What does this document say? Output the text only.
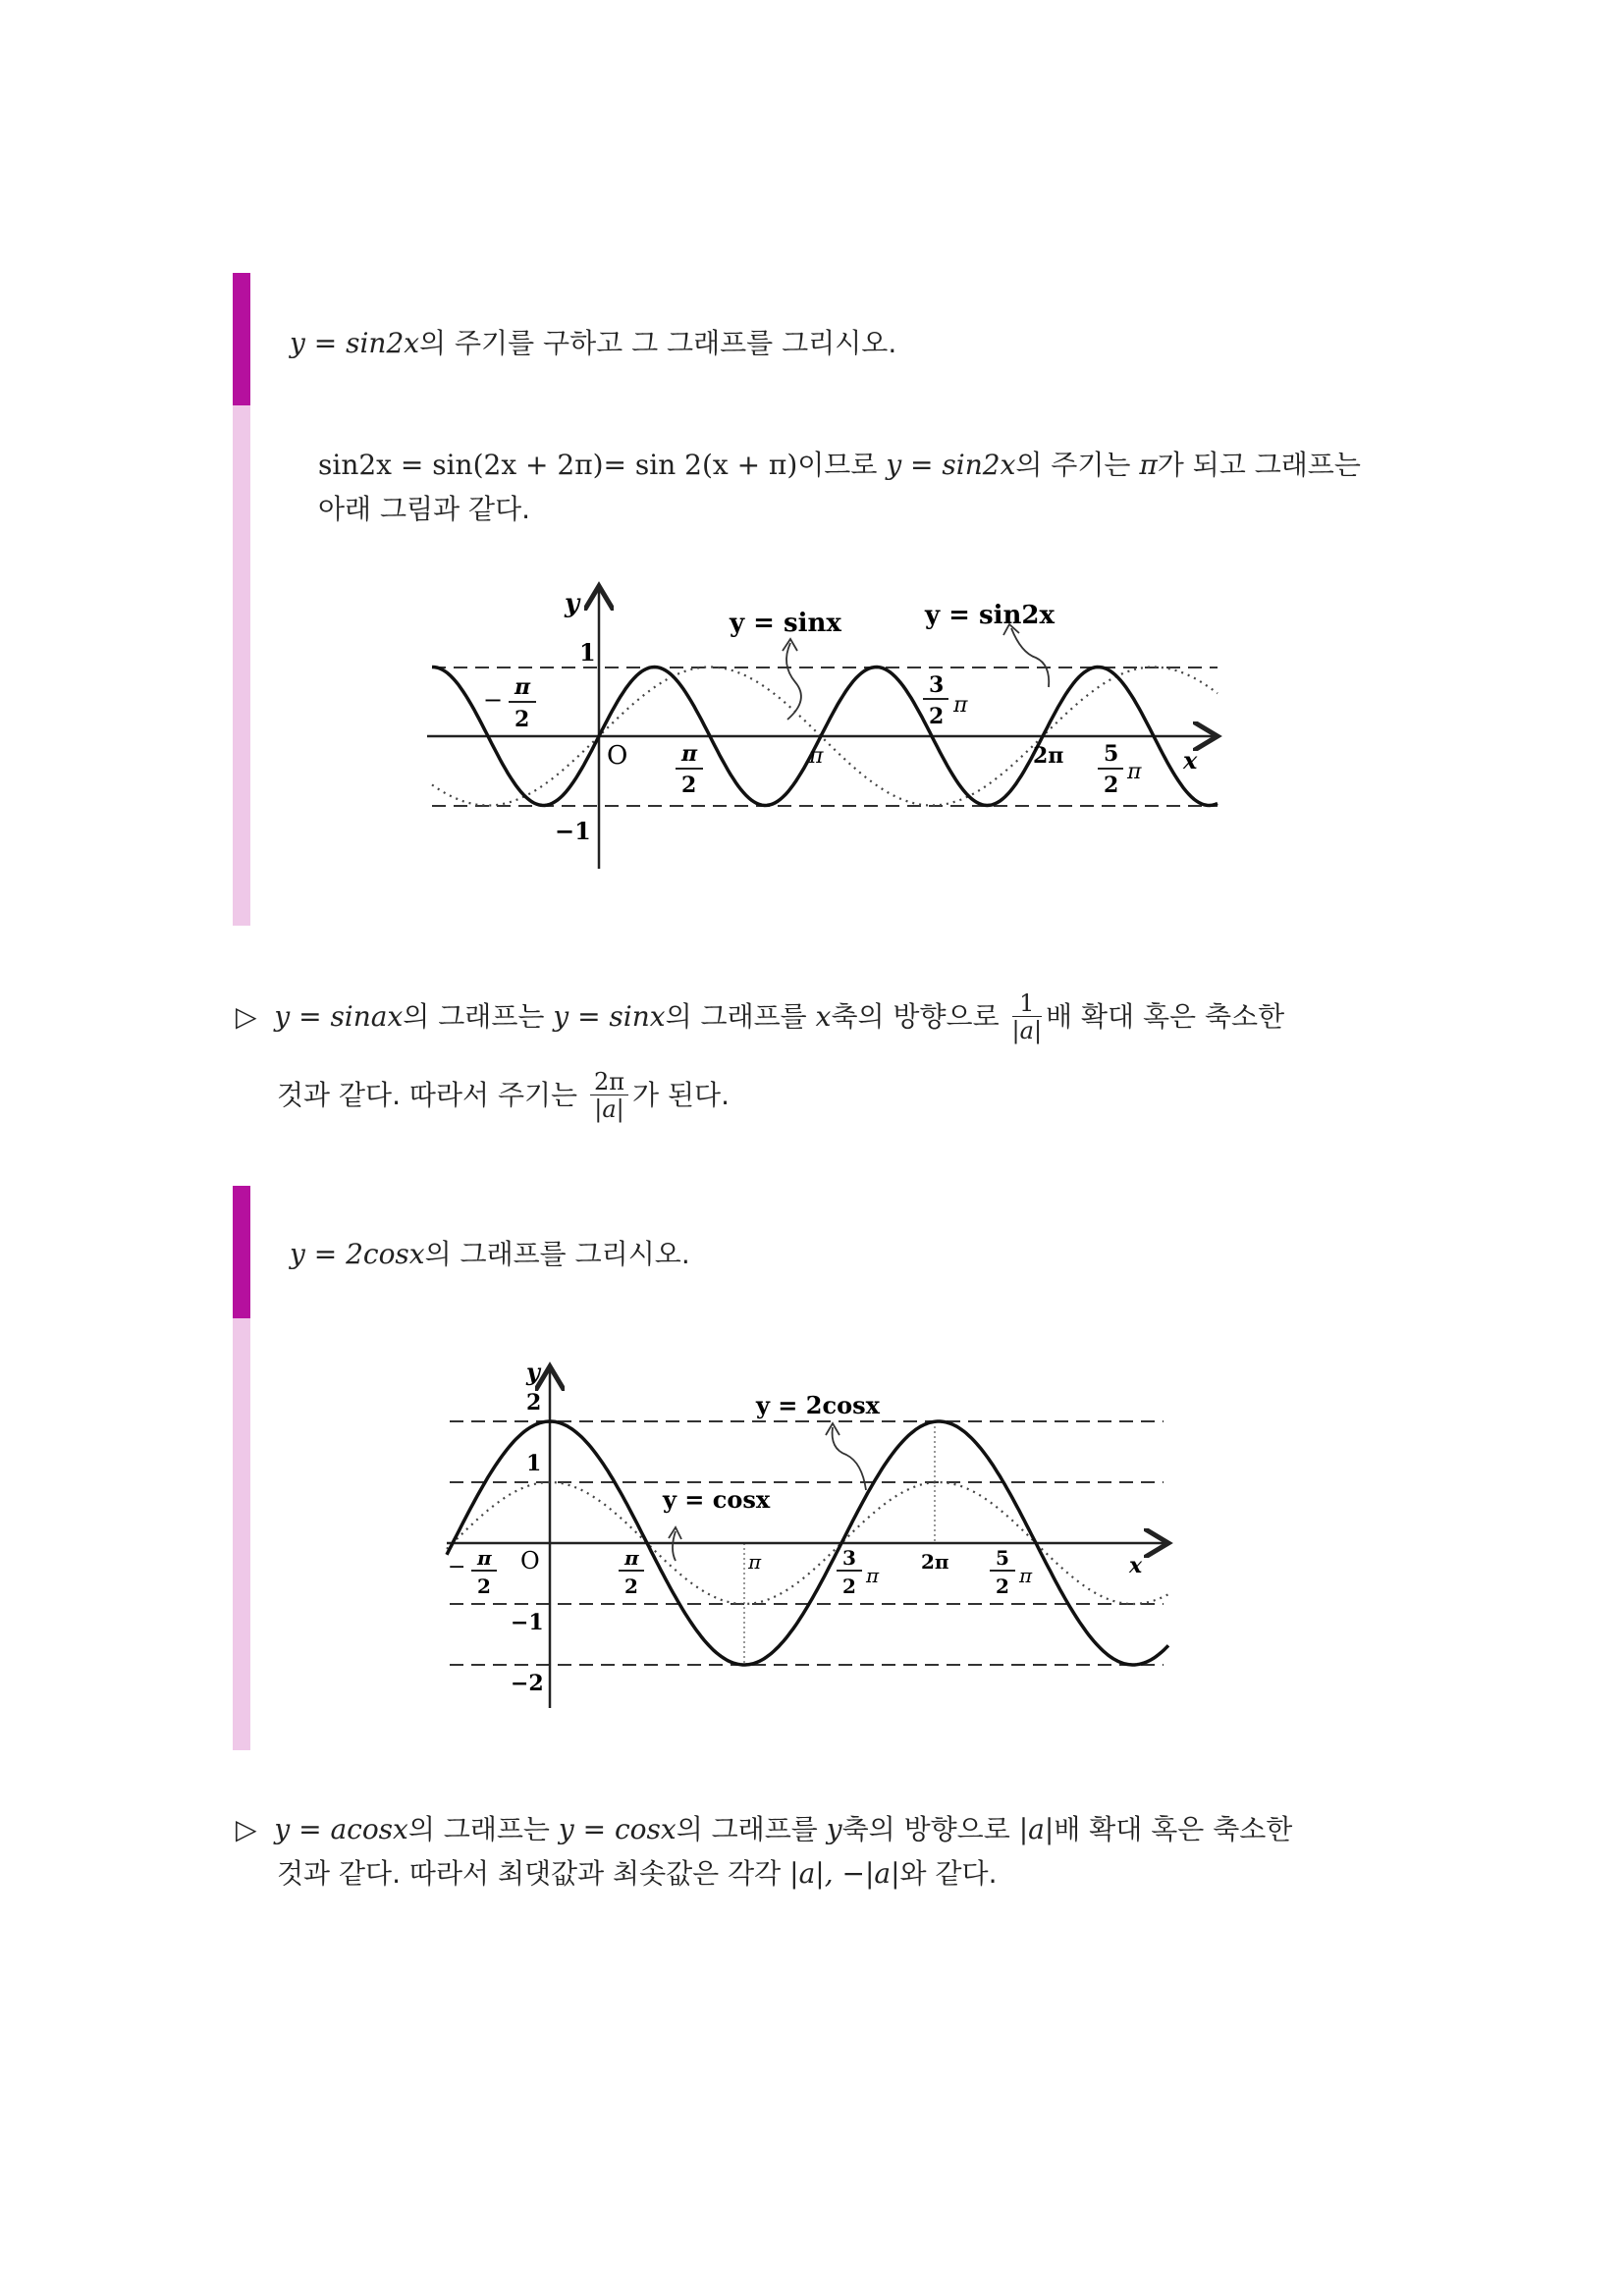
y = sin2x의 주기를 구하고 그 그래프를 그리시오.
sin2x = sin(2x + 2π)= sin 2(x + π)이므로 y = sin2x의 주기는 π가 되고 그래프는
아래 그림과 같다.
y
y = sinx	y = sin2x
1
−1
O	x
− π
2
π
2
π
3
2 π
2π 5
2
π
▷ y = sinax의 그래프는 y = sinx의 그래프를 x축의 방향으로 $\frac{1}{|a|}$ 배 확대 혹은 축소한
것과 같다. 따라서 주기는 $\frac{2\pi}{|a|}$ 가 된다.
y = 2cosx의 그래프를 그리시오.
y
y = 2cosx
y = cosx
2
1
−1
−2
O	x
− π
2
π
2
π	3
2 π
2π 5
2 π
▷ y = acosx의 그래프는 y = cosx의 그래프를 y축의 방향으로 |a|배 확대 혹은 축소한
것과 같다. 따라서 최댓값과 최솟값은 각각 |a|, −|a|와 같다.
